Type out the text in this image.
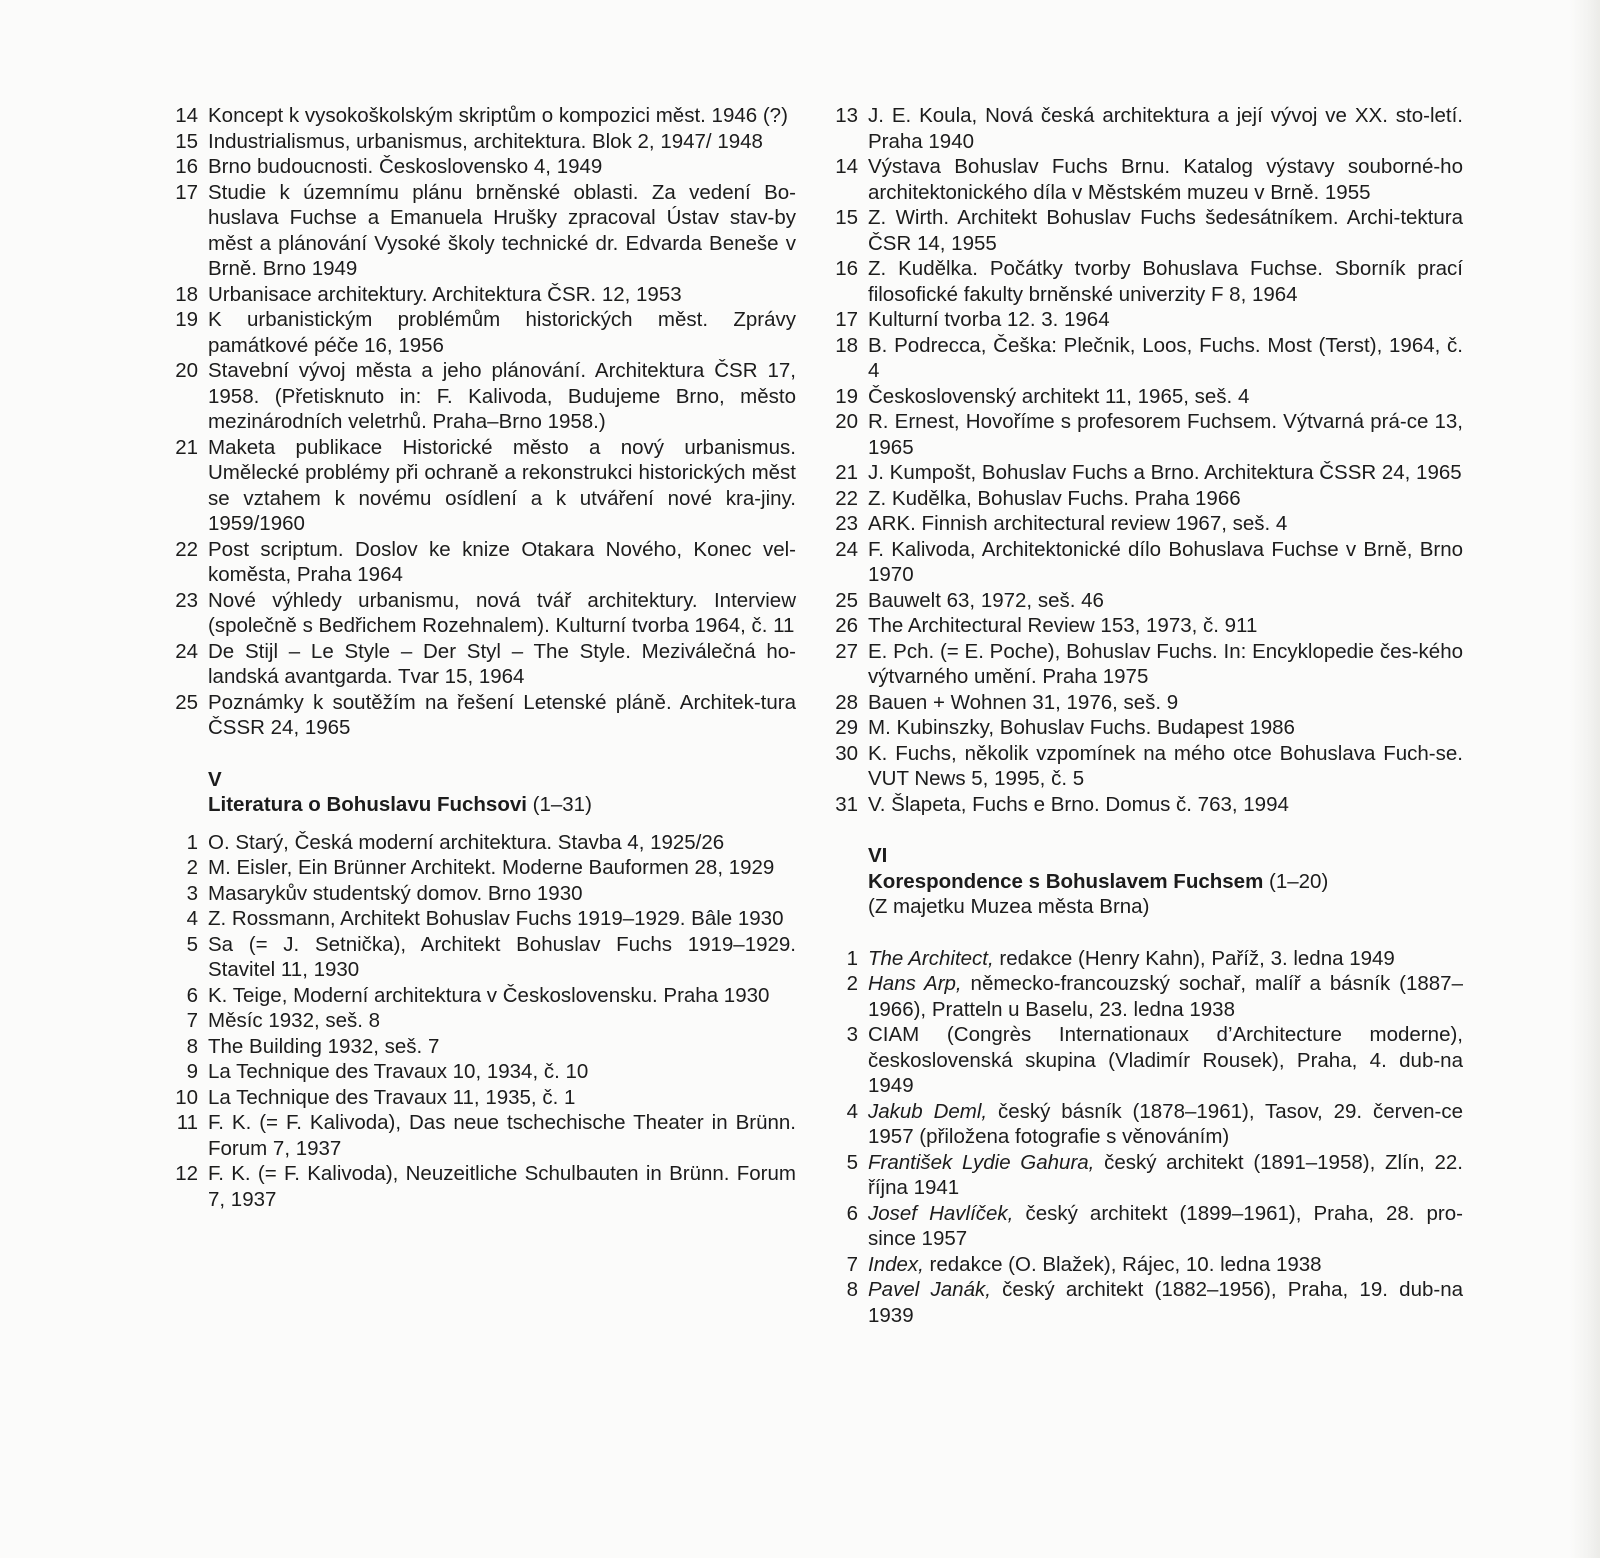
14 Koncept k vysokoškolským skriptům o kompozici měst. 1946 (?)
15 Industrialismus, urbanismus, architektura. Blok 2, 1947/ 1948
16 Brno budoucnosti. Československo 4, 1949
17 Studie k územnímu plánu brněnské oblasti. Za vedení Bo-huslava Fuchse a Emanuela Hrušky zpracoval Ústav stav-by měst a plánování Vysoké školy technické dr. Edvarda Beneše v Brně. Brno 1949
18 Urbanisace architektury. Architektura ČSR. 12, 1953
19 K urbanistickým problémům historických měst. Zprávy památkové péče 16, 1956
20 Stavební vývoj města a jeho plánování. Architektura ČSR 17, 1958. (Přetisknuto in: F. Kalivoda, Budujeme Brno, město mezinárodních veletrhů. Praha–Brno 1958.)
21 Maketa publikace Historické město a nový urbanismus. Umělecké problémy při ochraně a rekonstrukci historických měst se vztahem k novému osídlení a k utváření nové kra-jiny. 1959/1960
22 Post scriptum. Doslov ke knize Otakara Nového, Konec vel-koměsta, Praha 1964
23 Nové výhledy urbanismu, nová tvář architektury. Interview (společně s Bedřichem Rozehnalem). Kulturní tvorba 1964, č. 11
24 De Stijl – Le Style – Der Styl – The Style. Meziválečná ho-landská avantgarda. Tvar 15, 1964
25 Poznámky k soutěžím na řešení Letenské pláně. Architek-tura ČSSR 24, 1965
V
Literatura o Bohuslavu Fuchsovi (1–31)
1 O. Starý, Česká moderní architektura. Stavba 4, 1925/26
2 M. Eisler, Ein Brünner Architekt. Moderne Bauformen 28, 1929
3 Masarykův studentský domov. Brno 1930
4 Z. Rossmann, Architekt Bohuslav Fuchs 1919–1929. Bâle 1930
5 Sa (= J. Setnička), Architekt Bohuslav Fuchs 1919–1929. Stavitel 11, 1930
6 K. Teige, Moderní architektura v Československu. Praha 1930
7 Měsíc 1932, seš. 8
8 The Building 1932, seš. 7
9 La Technique des Travaux 10, 1934, č. 10
10 La Technique des Travaux 11, 1935, č. 1
11 F. K. (= F. Kalivoda), Das neue tschechische Theater in Brünn. Forum 7, 1937
12 F. K. (= F. Kalivoda), Neuzeitliche Schulbauten in Brünn. Forum 7, 1937
13 J. E. Koula, Nová česká architektura a její vývoj ve XX. sto-letí. Praha 1940
14 Výstava Bohuslav Fuchs Brnu. Katalog výstavy souborné-ho architektonického díla v Městském muzeu v Brně. 1955
15 Z. Wirth. Architekt Bohuslav Fuchs šedesátníkem. Archi-tektura ČSR 14, 1955
16 Z. Kudělka. Počátky tvorby Bohuslava Fuchse. Sborník prací filosofické fakulty brněnské univerzity F 8, 1964
17 Kulturní tvorba 12. 3. 1964
18 B. Podrecca, Češka: Plečnik, Loos, Fuchs. Most (Terst), 1964, č. 4
19 Československý architekt 11, 1965, seš. 4
20 R. Ernest, Hovoříme s profesorem Fuchsem. Výtvarná prá-ce 13, 1965
21 J. Kumpošt, Bohuslav Fuchs a Brno. Architektura ČSSR 24, 1965
22 Z. Kudělka, Bohuslav Fuchs. Praha 1966
23 ARK. Finnish architectural review 1967, seš. 4
24 F. Kalivoda, Architektonické dílo Bohuslava Fuchse v Brně, Brno 1970
25 Bauwelt 63, 1972, seš. 46
26 The Architectural Review 153, 1973, č. 911
27 E. Pch. (= E. Poche), Bohuslav Fuchs. In: Encyklopedie čes-kého výtvarného umění. Praha 1975
28 Bauen + Wohnen 31, 1976, seš. 9
29 M. Kubinszky, Bohuslav Fuchs. Budapest 1986
30 K. Fuchs, několik vzpomínek na mého otce Bohuslava Fuch-se. VUT News 5, 1995, č. 5
31 V. Šlapeta, Fuchs e Brno. Domus č. 763, 1994
VI
Korespondence s Bohuslavem Fuchsem (1–20)
(Z majetku Muzea města Brna)
1 The Architect, redakce (Henry Kahn), Paříž, 3. ledna 1949
2 Hans Arp, německo-francouzský sochař, malíř a básník (1887–1966), Pratteln u Baselu, 23. ledna 1938
3 CIAM (Congrès Internationaux d’Architecture moderne), československá skupina (Vladimír Rousek), Praha, 4. dub-na 1949
4 Jakub Deml, český básník (1878–1961), Tasov, 29. červen-ce 1957 (přiložena fotografie s věnováním)
5 František Lydie Gahura, český architekt (1891–1958), Zlín, 22. října 1941
6 Josef Havlíček, český architekt (1899–1961), Praha, 28. pro-since 1957
7 Index, redakce (O. Blažek), Rájec, 10. ledna 1938
8 Pavel Janák, český architekt (1882–1956), Praha, 19. dub-na 1939
